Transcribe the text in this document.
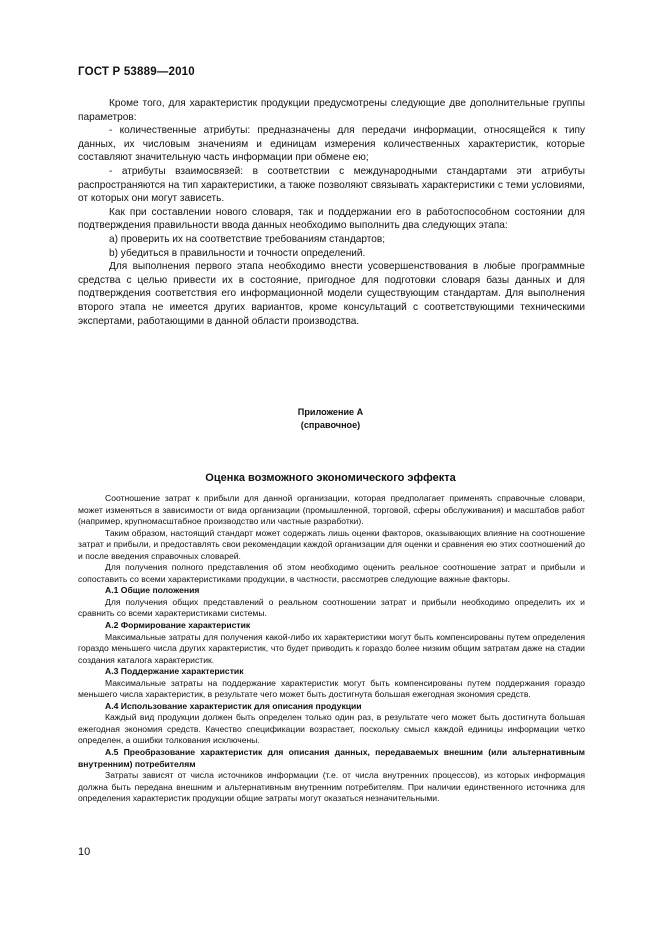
ГОСТ Р 53889—2010

Кроме того, для характеристик продукции предусмотрены следующие две дополнительные группы параметров:

- количественные атрибуты: предназначены для передачи информации, относящейся к типу данных, их числовым значениям и единицам измерения количественных характеристик, которые составляют значительную часть информации при обмене ею;

- атрибуты взаимосвязей: в соответствии с международными стандартами эти атрибуты распространяются на тип характеристики, а также позволяют связывать характеристики с теми условиями, от которых они могут зависеть.

Как при составлении нового словаря, так и поддержании его в работоспособном состоянии для подтверждения правильности ввода данных необходимо выполнить два следующих этапа:

a) проверить их на соответствие требованиям стандартов;

b) убедиться в правильности и точности определений.

Для выполнения первого этапа необходимо внести усовершенствования в любые программные средства с целью привести их в состояние, пригодное для подготовки словаря базы данных и для подтверждения соответствия его информационной модели существующим стандартам. Для выполнения второго этапа не имеется других вариантов, кроме консультаций с соответствующими техническими экспертами, работающими в данной области производства.

Приложение А
(справочное)
Оценка возможного экономического эффекта

Соотношение затрат к прибыли для данной организации, которая предполагает применять справочные словари, может изменяться в зависимости от вида организации (промышленной, торговой, сферы обслуживания) и масштабов работ (например, крупномасштабное производство или частные разработки).

Таким образом, настоящий стандарт может содержать лишь оценки факторов, оказывающих влияние на соотношение затрат и прибыли, и предоставлять свои рекомендации каждой организации для оценки и сравнения ею этих соотношений до и после введения справочных словарей.

Для получения полного представления об этом необходимо оценить реальное соотношение затрат и прибыли и сопоставить со всеми характеристиками продукции, в частности, рассмотрев следующие важные факторы.

А.1 Общие положения

Для получения общих представлений о реальном соотношении затрат и прибыли необходимо определить их и сравнить со всеми характеристиками системы.

А.2 Формирование характеристик

Максимальные затраты для получения какой-либо их характеристики могут быть компенсированы путем определения гораздо меньшего числа других характеристик, что будет приводить к гораздо более низким общим затратам даже на стадии создания каталога характеристик.

А.3 Поддержание характеристик

Максимальные затраты на поддержание характеристик могут быть компенсированы путем поддержания гораздо меньшего числа характеристик, в результате чего может быть достигнута большая ежегодная экономия средств.

А.4 Использование характеристик для описания продукции

Каждый вид продукции должен быть определен только один раз, в результате чего может быть достигнута большая ежегодная экономия средств. Качество спецификации возрастает, поскольку смысл каждой единицы информации четко определен, а ошибки толкования исключены.

А.5 Преобразование характеристик для описания данных, передаваемых внешним (или альтернативным внутренним) потребителям

Затраты зависят от числа источников информации (т.е. от числа внутренних процессов), из которых информация должна быть передана внешним и альтернативным внутренним потребителям. При наличии единственного источника для определения характеристик продукции общие затраты могут оказаться незначительными.

10
